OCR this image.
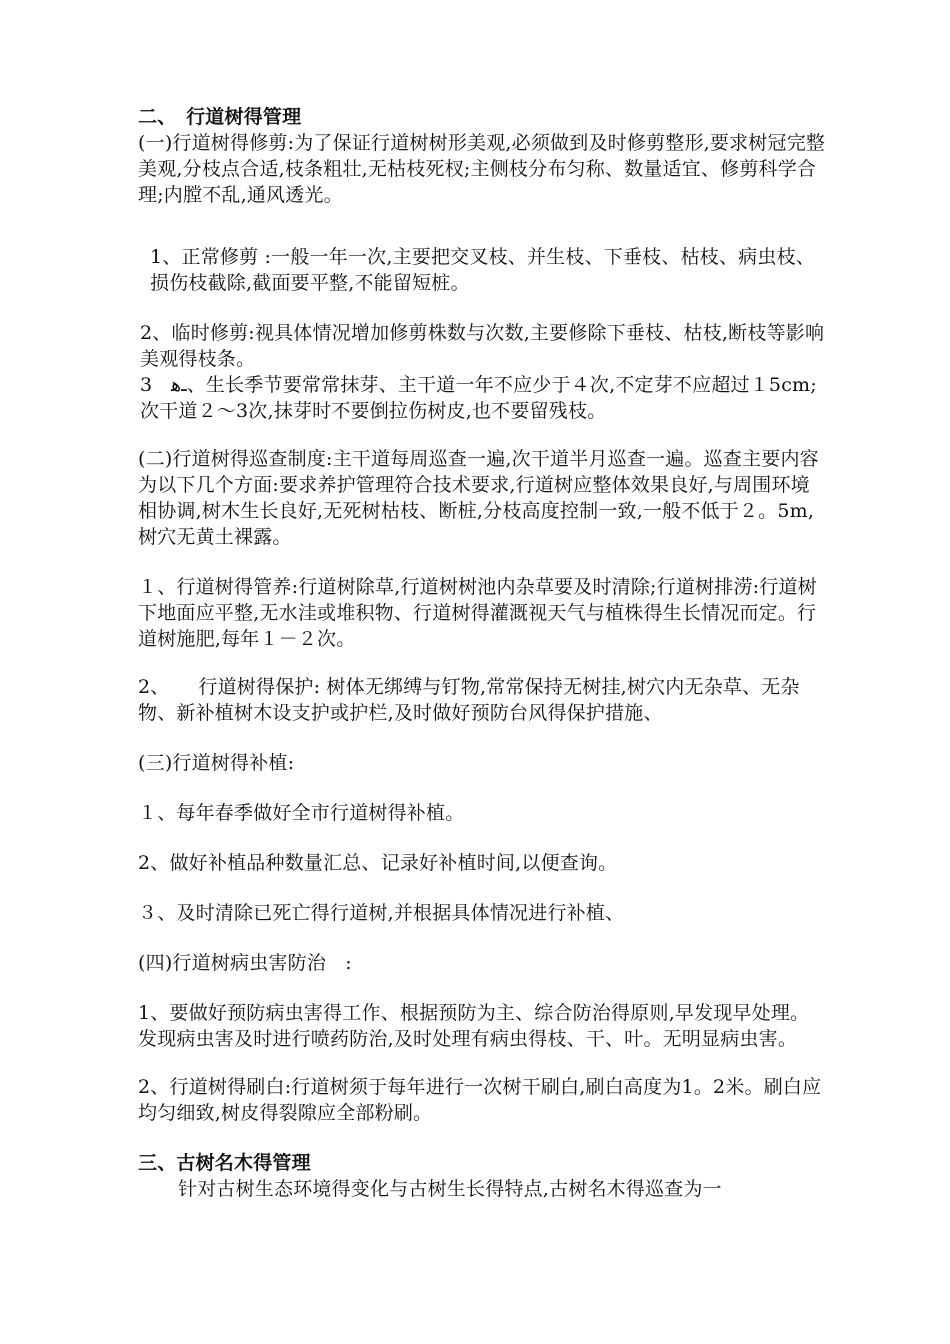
二、　行道树得管理

(一)行道树得修剪:为了保证行道树树形美观,必须做到及时修剪整形,要求树冠完整美观,分枝点合适,枝条粗壮,无枯枝死杈;主侧枝分布匀称、数量适宜、修剪科学合理;内膛不乱,通风透光。

1、正常修剪 :一般一年一次,主要把交叉枝、并生枝、下垂枝、枯枝、病虫枝、损伤枝截除,截面要平整,不能留短桩。

2、临时修剪:视具体情况增加修剪株数与次数,主要修除下垂枝、枯枝,断枝等影响美观得枝条。

3　ـﻫ、生长季节要常常抹芽、主干道一年不应少于４次,不定芽不应超过１5cm;次干道２～3次,抹芽时不要倒拉伤树皮,也不要留残枝。

(二)行道树得巡查制度:主干道每周巡查一遍,次干道半月巡查一遍。巡查主要内容为以下几个方面:要求养护管理符合技术要求,行道树应整体效果良好,与周围环境相协调,树木生长良好,无死树枯枝、断桩,分枝高度控制一致,一般不低于２。5m,树穴无黄土裸露。

１、行道树得管养:行道树除草,行道树树池内杂草要及时清除;行道树排涝:行道树下地面应平整,无水洼或堆积物、行道树得灌溉视天气与植株得生长情况而定。行道树施肥,每年１－２次。

2、　　行道树得保护: 树体无绑缚与钉物,常常保持无树挂,树穴内无杂草、无杂物、新补植树木设支护或护栏,及时做好预防台风得保护措施、

(三)行道树得补植:

１、每年春季做好全市行道树得补植。

2、做好补植品种数量汇总、记录好补植时间,以便查询。

３、及时清除已死亡得行道树,并根据具体情况进行补植、

(四)行道树病虫害防治　:

1、要做好预防病虫害得工作、根据预防为主、综合防治得原则,早发现早处理。发现病虫害及时进行喷药防治,及时处理有病虫得枝、干、叶。无明显病虫害。

2、行道树得刷白:行道树须于每年进行一次树干刷白,刷白高度为1。2米。刷白应均匀细致,树皮得裂隙应全部粉刷。

三、古树名木得管理

针对古树生态环境得变化与古树生长得特点,古树名木得巡查为一
